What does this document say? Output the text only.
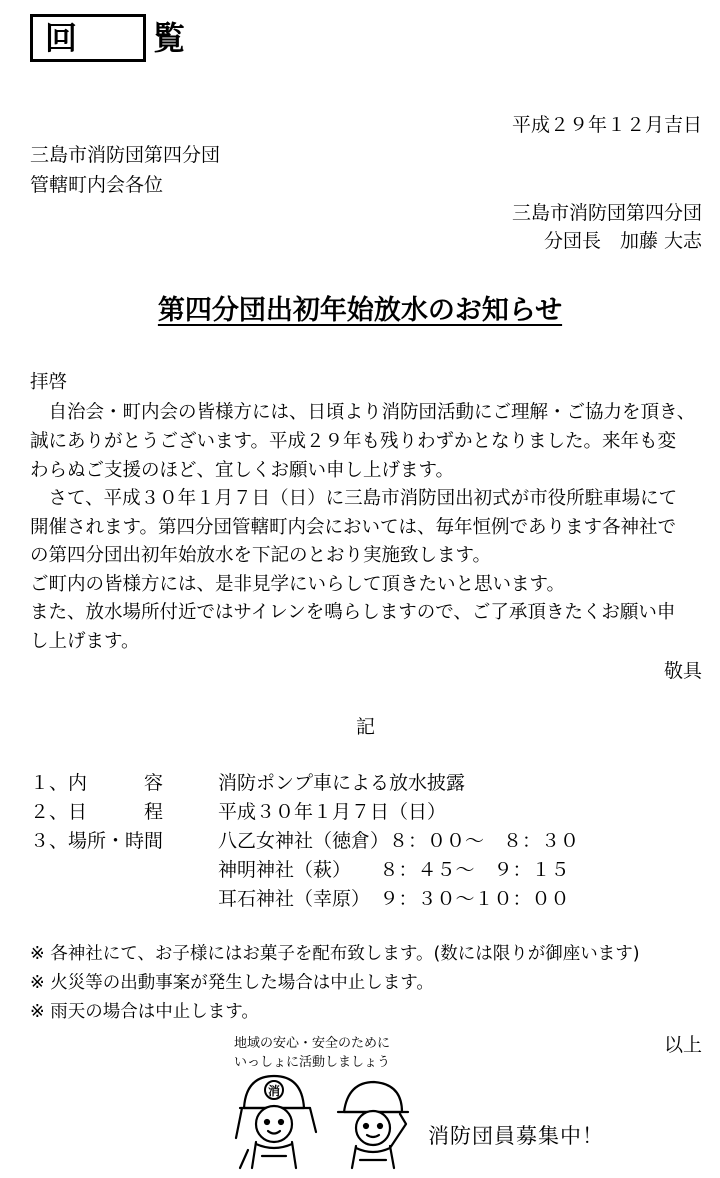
回　覧
平成２９年１２月吉日
三島市消防団第四分団
管轄町内会各位
三島市消防団第四分団
分団長　加藤 大志
第四分団出初年始放水のお知らせ
拝啓
　自治会・町内会の皆様方には、日頃より消防団活動にご理解・ご協力を頂き、
誠にありがとうございます。平成２９年も残りわずかとなりました。来年も変
わらぬご支援のほど、宜しくお願い申し上げます。
　さて、平成３０年１月７日（日）に三島市消防団出初式が市役所駐車場にて
開催されます。第四分団管轄町内会においては、毎年恒例であります各神社で
の第四分団出初年始放水を下記のとおり実施致します。
ご町内の皆様方には、是非見学にいらして頂きたいと思います。
また、放水場所付近ではサイレンを鳴らしますので、ご了承頂きたくお願い申
し上げます。
敬具
記
１、内　　　容	消防ポンプ車による放水披露
２、日　　　程	平成３０年１月７日（日）
３、場所・時間	八乙女神社（徳倉）８：００～　８：３０
神明神社（萩）　　８：４５～　９：１５
耳石神社（幸原）　９：３０～１０：００
※ 各神社にて、お子様にはお菓子を配布致します。(数には限りが御座います)
※ 火災等の出動事案が発生した場合は中止します。
※ 雨天の場合は中止します。
以上
地域の安心・安全のために
いっしょに活動しましょう
消
消防団員募集中！
